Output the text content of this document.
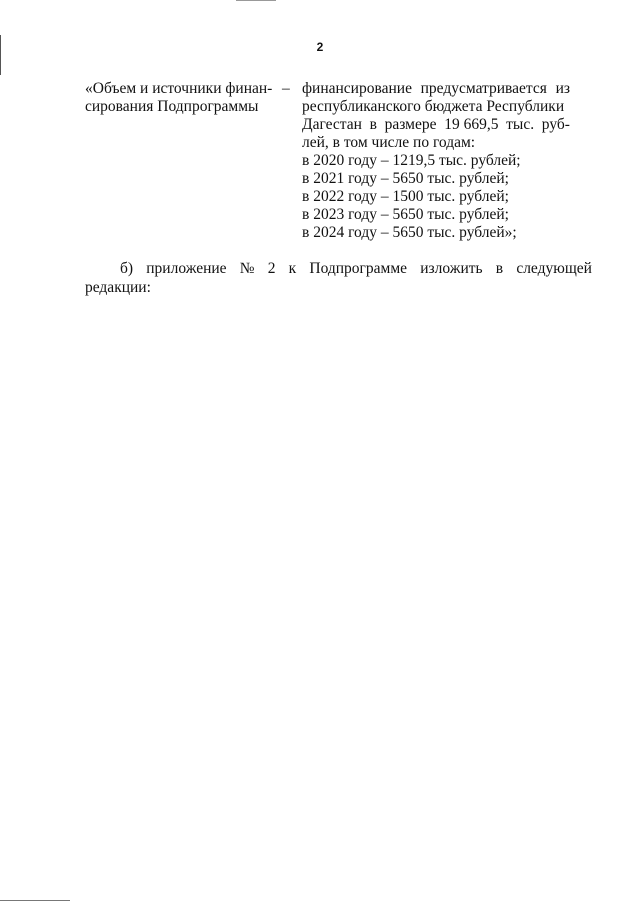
2
«Объем и источники финан-
сирования Подпрограммы
– финансирование предусматривается из
республиканского бюджета Республики
Дагестан в размере 19 669,5 тыс. руб-
лей, в том числе по годам:
в 2020 году – 1219,5 тыс. рублей;
в 2021 году – 5650 тыс. рублей;
в 2022 году – 1500 тыс. рублей;
в 2023 году – 5650 тыс. рублей;
в 2024 году – 5650 тыс. рублей»;
б) приложение № 2 к Подпрограмме изложить в следующей
редакции:
